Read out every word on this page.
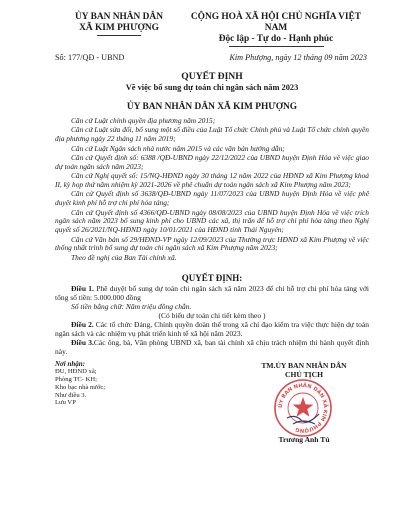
ỦY BAN NHÂN DÂN
XÃ KIM PHƯỢNG
CỘNG HOÀ XÃ HỘI CHỦ NGHĨA VIỆT NAM
Độc lập - Tự do - Hạnh phúc
Số: 177/QĐ - UBND	Kim Phượng, ngày 12 tháng 09 năm 2023
QUYẾT ĐỊNH
Về việc bổ sung dự toán chi ngân sách năm 2023
ỦY BAN NHÂN DÂN XÃ KIM PHƯỢNG

Căn cứ Luật chính quyền địa phương năm 2015;

Căn cứ Luật sửa đổi, bổ sung một số điều của Luật Tổ chức Chính phủ và Luật Tổ chức chính quyền địa phương ngày 22 tháng 11 năm 2019;

Căn cứ Luật Ngân sách nhà nước năm 2015 và các văn bản hướng dẫn;

Căn cứ Quyết định số: 6388 /QĐ-UBND ngày 22/12/2022 của UBND huyện Định Hóa về việc giao dự toán ngân sách năm 2023;

Căn cứ Nghị quyết số: 15/NQ-HĐND ngày 30 tháng 12 năm 2022 của HĐND xã Kim Phượng khoá II, kỳ họp thứ năm nhiệm kỳ 2021-2026 về phê chuẩn dự toán ngân sách xã Kim Phượng năm 2023;

Căn cứ Quyết định số 3638/QĐ-UBND ngày 11/07/2023 của UBND huyện Định Hóa về việc phê duyệt kinh phí hỗ trợ chi phí hỏa táng;

Căn cứ Quyết định số 4366/QĐ-UBND ngày 08/08/2023 của UBND huyện Định Hóa về việc trích ngân sách năm 2023 bổ sung kinh phí cho UBND các xã, thị trấn để hỗ trợ chi phí hỏa táng theo Nghị quyết số 26/2021/NQ-HĐND ngày 10/01/2021 của HĐND tỉnh Thái Nguyên;

Căn cứ Văn bản số 29/HĐND-VP ngày 12/09/2023 của Thường trực HĐND xã Kim Phượng về việc thống nhất trình bổ sung dự toán chi ngân sách xã Kim Phượng năm 2023;

Theo đề nghị của Ban Tài chính xã.

QUYẾT ĐỊNH:

Điều 1. Phê duyệt bổ sung dự toán chi ngân sách xã năm 2023 để chi hỗ trợ chi phí hỏa táng với tổng số tiền: 5.000.000 đồng

Số tiền bằng chữ: Năm triệu đồng chẵn.

(Có biểu dự toán chi tiết kèm theo )

Điều 2. Các tổ chức Đảng, Chính quyền đoàn thể trong xã chỉ đạo kiểm tra việc thực hiện dự toán ngân sách và các nhiệm vụ phát triển kinh tế xã hội năm 2023.

Điều 3.Các ông, bà, Văn phòng UBND xã, ban tài chính xã chịu trách nhiệm thi hành quyết định này.

Nơi nhận:
ĐU, HĐND xã;
Phòng TC- KH;
Kho bạc nhà nước;
Như điều 3.
Lưu VP
TM.ỦY BAN NHÂN DÂN
CHỦ TỊCH
ỦY BAN NHÂN DÂN XÃ KIM PHƯỢNG
Trương Anh Tú
